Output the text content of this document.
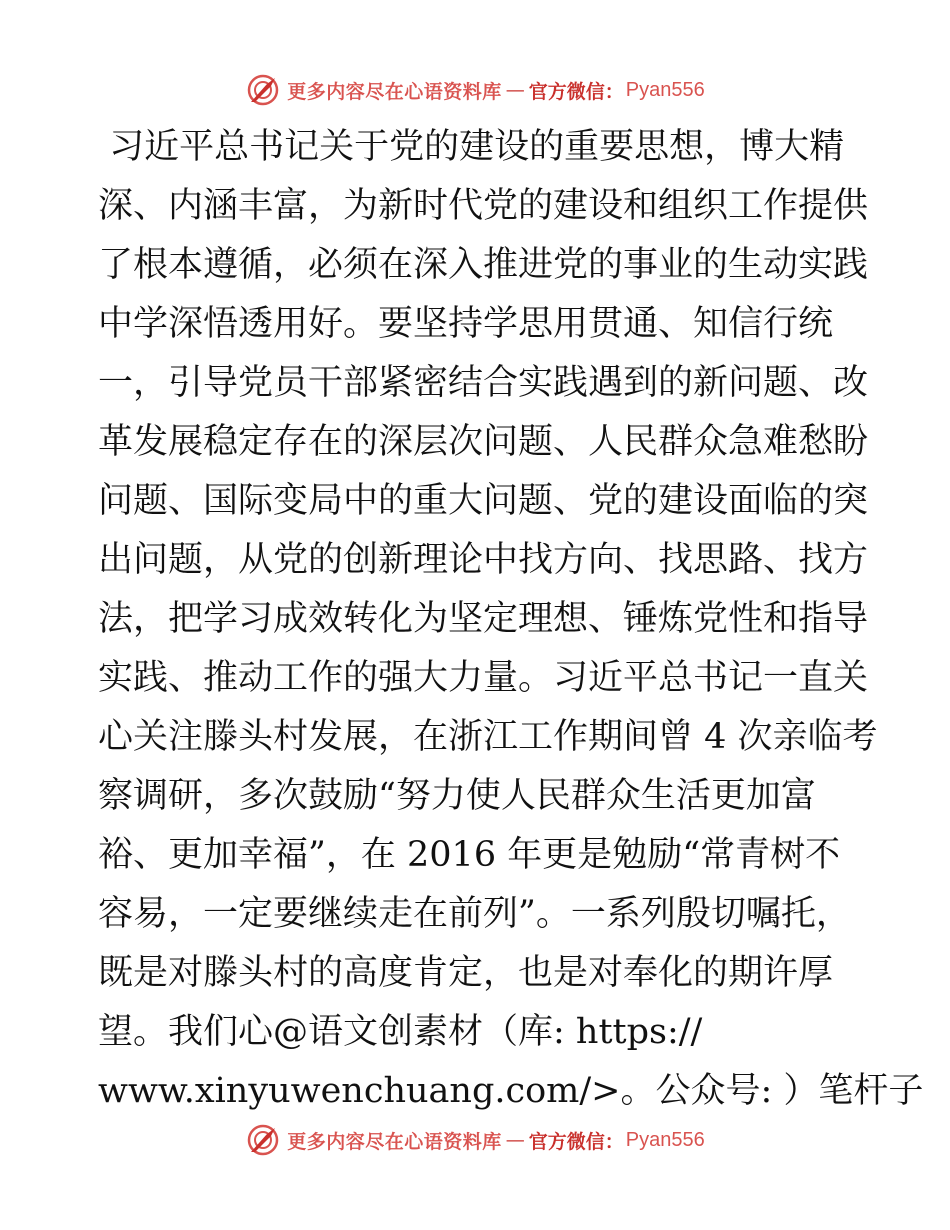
更多内容尽在心语资料库 — 官方微信： Pyan556
习近平总书记关于党的建设的重要思想，博大精
深、内涵丰富，为新时代党的建设和组织工作提供
了根本遵循，必须在深入推进党的事业的生动实践
中学深悟透用好。要坚持学思用贯通、知信行统
一，引导党员干部紧密结合实践遇到的新问题、改
革发展稳定存在的深层次问题、人民群众急难愁盼
问题、国际变局中的重大问题、党的建设面临的突
出问题，从党的创新理论中找方向、找思路、找方
法，把学习成效转化为坚定理想、锤炼党性和指导
实践、推动工作的强大力量。习近平总书记一直关
心关注滕头村发展，在浙江工作期间曾 4 次亲临考
察调研，多次鼓励“努力使人民群众生活更加富
裕、更加幸福”，在 2016 年更是勉励“常青树不
容易，一定要继续走在前列”。一系列殷切嘱托，
既是对滕头村的高度肯定，也是对奉化的期许厚
望。我们心@语文创素材（库: https://
www.xinyuwenchuang.com/>。公众号: ）笔杆子
更多内容尽在心语资料库 — 官方微信： Pyan556
